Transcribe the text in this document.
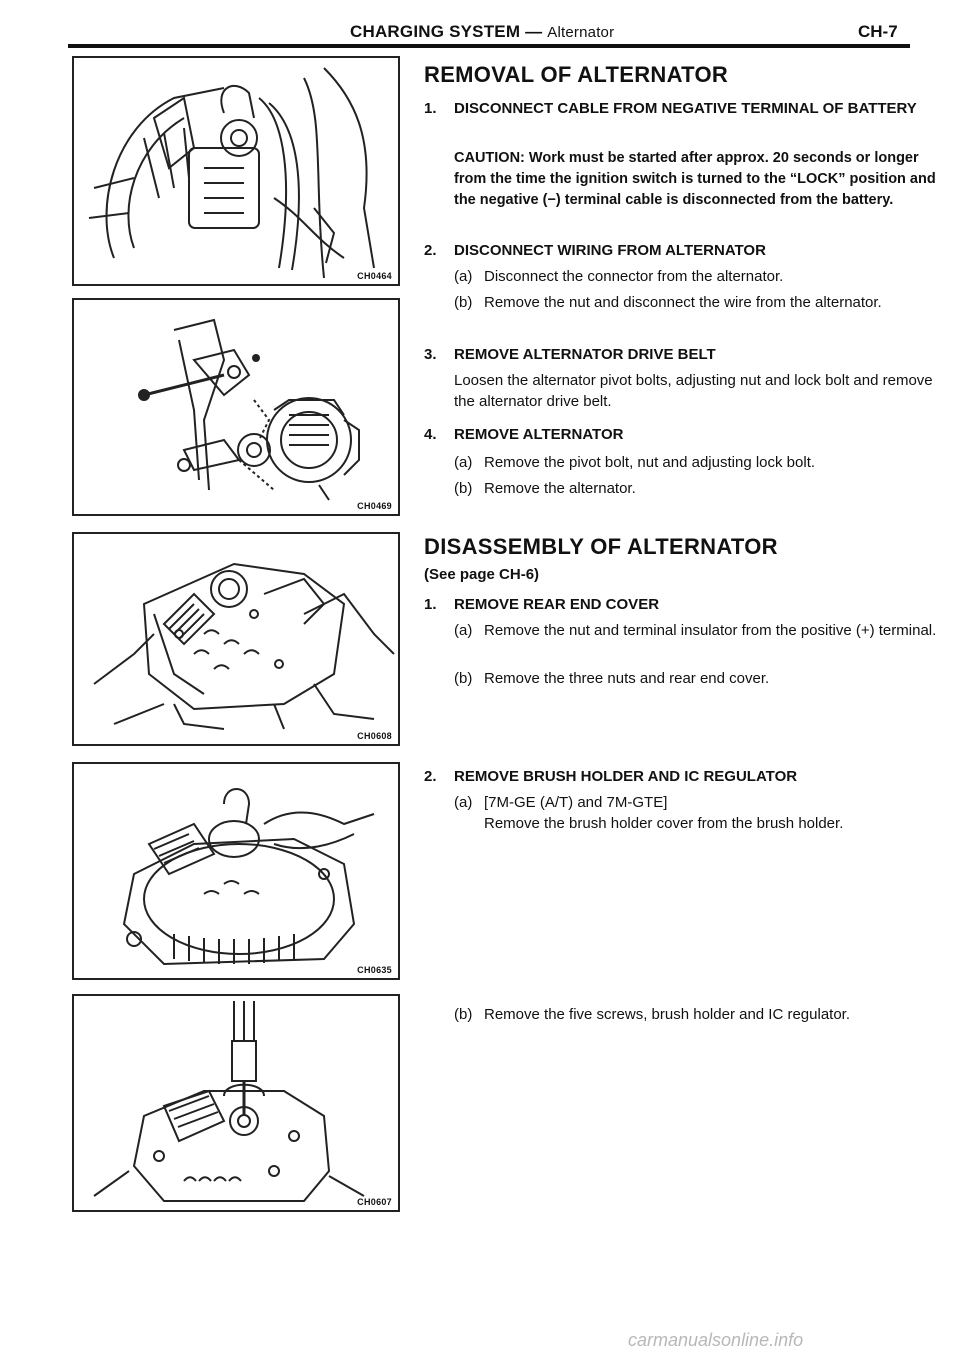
CHARGING SYSTEM — Alternator	CH-7
CH0464
CH0469
CH0608
CH0635
CH0607
REMOVAL OF ALTERNATOR
1. DISCONNECT CABLE FROM NEGATIVE TERMINAL OF BATTERY
CAUTION: Work must be started after approx. 20 seconds or longer from the time the ignition switch is turned to the “LOCK” position and the negative (−) terminal cable is disconnected from the battery.
2. DISCONNECT WIRING FROM ALTERNATOR
(a) Disconnect the connector from the alternator.
(b) Remove the nut and disconnect the wire from the alternator.
3. REMOVE ALTERNATOR DRIVE BELT
Loosen the alternator pivot bolts, adjusting nut and lock bolt and remove the alternator drive belt.
4. REMOVE ALTERNATOR
(a) Remove the pivot bolt, nut and adjusting lock bolt.
(b) Remove the alternator.
DISASSEMBLY OF ALTERNATOR
(See page CH-6)
1. REMOVE REAR END COVER
(a) Remove the nut and terminal insulator from the positive (+) terminal.
(b) Remove the three nuts and rear end cover.
2. REMOVE BRUSH HOLDER AND IC REGULATOR
(a) [7M-GE (A/T) and 7M-GTE]
Remove the brush holder cover from the brush holder.
(b) Remove the five screws, brush holder and IC regulator.
carmanualsonline.info
